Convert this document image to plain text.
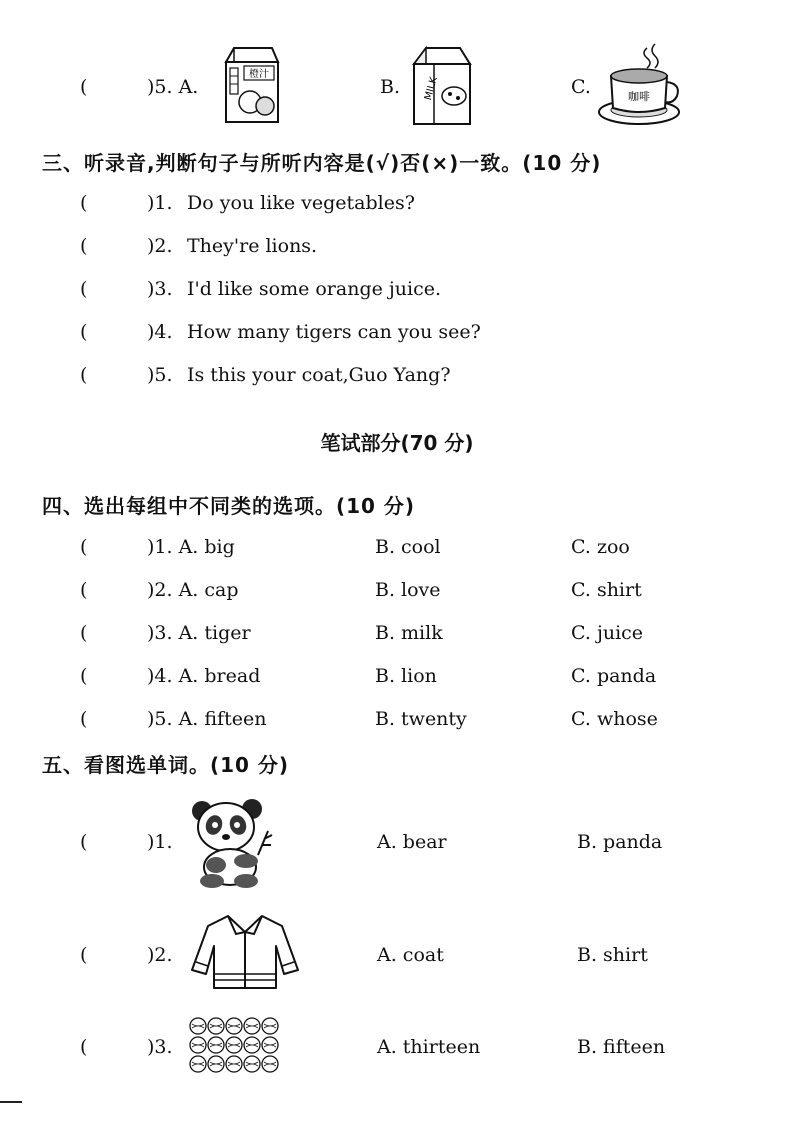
(	)5. A.	B.	C.
橙汁
MILK	咖啡
三、听录音,判断句子与所听内容是(√)否(×)一致。(10 分)
(	)1. Do you like vegetables?
(	)2. They're lions.
(	)3. I'd like some orange juice.
(	)4. How many tigers can you see?
(	)5. Is this your coat,Guo Yang?
笔试部分(70 分)
四、选出每组中不同类的选项。(10 分)
(	)1. A. big	B. cool	C. zoo
(	)2. A. cap	B. love	C. shirt
(	)3. A. tiger	B. milk	C. juice
(	)4. A. bread	B. lion	C. panda
(	)5. A. fifteen	B. twenty	C. whose
五、看图选单词。(10 分)
(	)1.	A. bear	B. panda
(	)2.	A. coat	B. shirt
(	)3.	A. thirteen	B. fifteen
